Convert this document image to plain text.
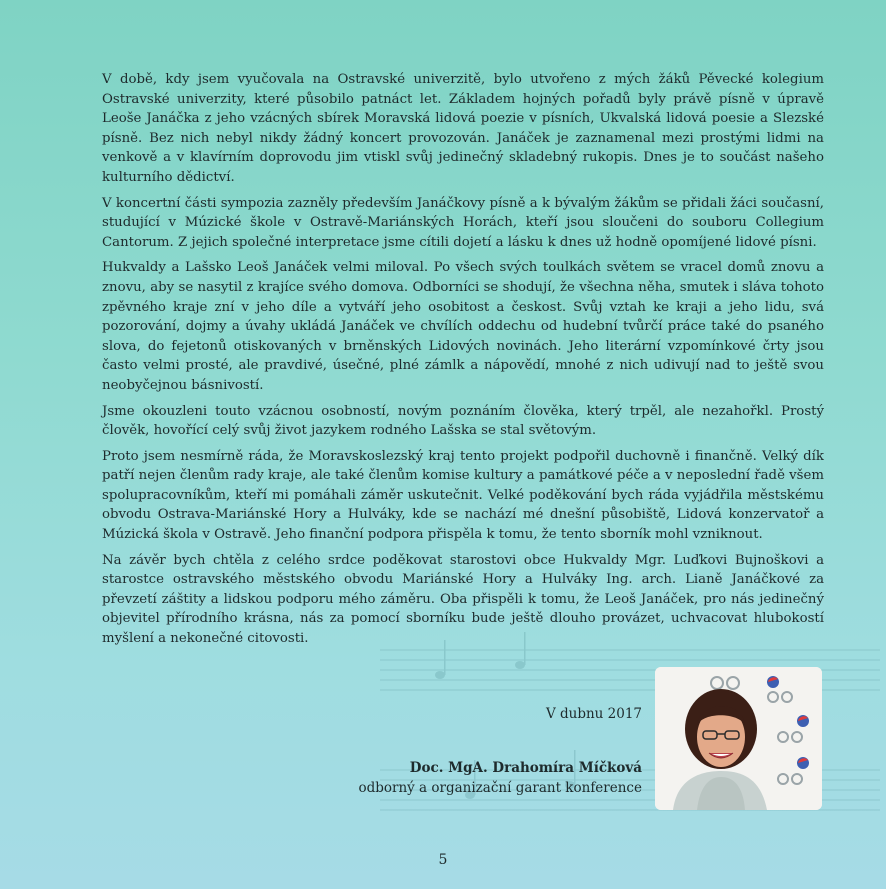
V době, kdy jsem vyučovala na Ostravské univerzitě, bylo utvořeno z mých žáků Pěvecké kolegium Ostravské univerzity, které působilo patnáct let. Základem hojných pořadů byly právě písně v úpravě Leoše Janáčka z jeho vzácných sbírek Moravská lidová poezie v písních, Ukvalská lidová poesie a Slezské písně. Bez nich nebyl nikdy žádný koncert provozován. Janáček je zaznamenal mezi prostými lidmi na venkově a v klavírním doprovodu jim vtiskl svůj jedinečný skladebný rukopis. Dnes je to součást našeho kulturního dědictví.

V koncertní části sympozia zazněly především Janáčkovy písně a k bývalým žákům se přidali žáci současní, studující v Múzické škole v Ostravě-Mariánských Horách, kteří jsou sloučeni do souboru Collegium Cantorum. Z jejich společné interpretace jsme cítili dojetí a lásku k dnes už hodně opomíjené lidové písni.

Hukvaldy a Lašsko Leoš Janáček velmi miloval. Po všech svých toulkách světem se vracel domů znovu a znovu, aby se nasytil z krajíce svého domova. Odborníci se shodují, že všechna něha, smutek i sláva tohoto zpěvného kraje zní v jeho díle a vytváří jeho osobitost a českost. Svůj vztah ke kraji a jeho lidu, svá pozorování, dojmy a úvahy ukládá Janáček ve chvílích oddechu od hudební tvůrčí práce také do psaného slova, do fejetonů otiskovaných v brněnských Lidových novinách. Jeho literární vzpomínkové črty jsou často velmi prosté, ale pravdivé, úsečné, plné zámlk a nápovědí, mnohé z nich udivují nad to ještě svou neobyčejnou básnivostí.

Jsme okouzleni touto vzácnou osobností, novým poznáním člověka, který trpěl, ale nezahořkl. Prostý člověk, hovořící celý svůj život jazykem rodného Lašska se stal světovým.

Proto jsem nesmírně ráda, že Moravskoslezský kraj tento projekt podpořil duchovně i finančně. Velký dík patří nejen členům rady kraje, ale také členům komise kultury a památkové péče a v neposlední řadě všem spolupracovníkům, kteří mi pomáhali záměr uskutečnit. Velké poděkování bych ráda vyjádřila městskému obvodu Ostrava-Mariánské Hory a Hulváky, kde se nachází mé dnešní působiště, Lidová konzervatoř a Múzická škola v Ostravě. Jeho finanční podpora přispěla k tomu, že tento sborník mohl vzniknout.

Na závěr bych chtěla z celého srdce poděkovat starostovi obce Hukvaldy Mgr. Luďkovi Bujnoškovi a starostce ostravského městského obvodu Mariánské Hory a Hulváky Ing. arch. Lianě Janáčkové za převzetí záštity a lidskou podporu mého záměru. Oba přispěli k tomu, že Leoš Janáček, pro nás jedinečný objevitel přírodního krásna, nás za pomocí sborníku bude ještě dlouho provázet, uchvacovat hlubokostí myšlení a nekonečné citovosti.

V dubnu 2017
Doc. MgA. Drahomíra Míčková
odborný a organizační garant konference
5
